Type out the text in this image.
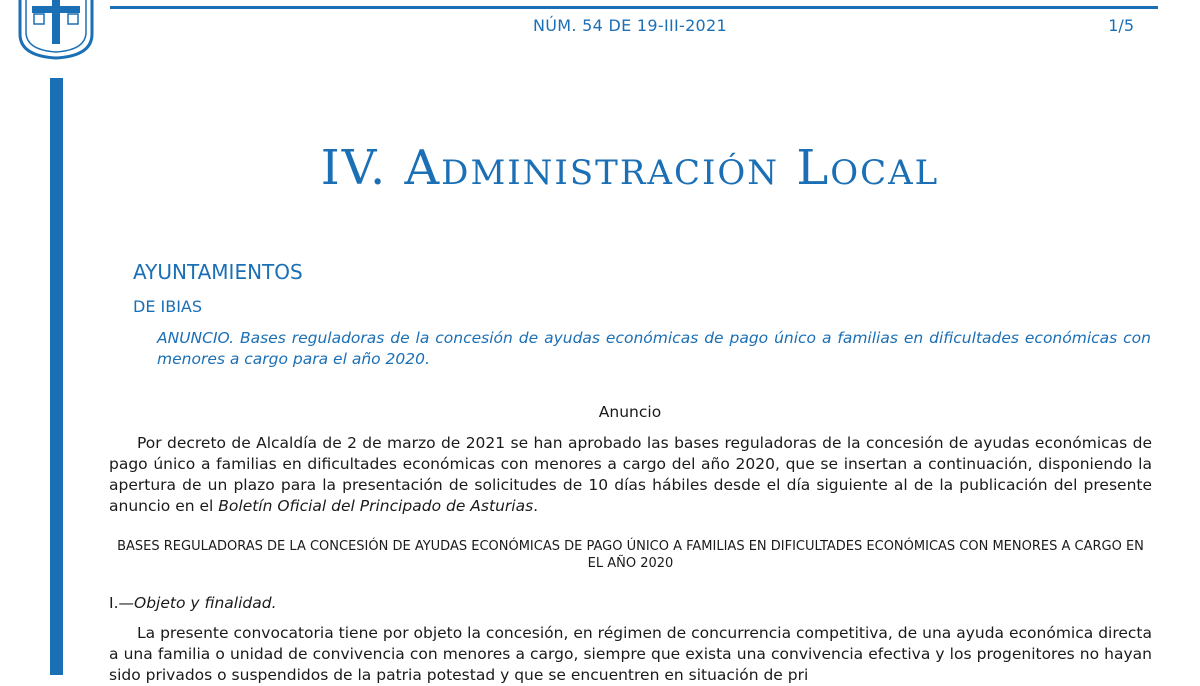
NÚM. 54 DE 19-III-2021	1/5
IV. Administración Local
AYUNTAMIENTOS
DE IBIAS
ANUNCIO. Bases reguladoras de la concesión de ayudas económicas de pago único a familias en dificultades económicas con menores a cargo para el año 2020.
Anuncio
Por decreto de Alcaldía de 2 de marzo de 2021 se han aprobado las bases reguladoras de la concesión de ayudas económicas de pago único a familias en dificultades económicas con menores a cargo del año 2020, que se insertan a continuación, disponiendo la apertura de un plazo para la presentación de solicitudes de 10 días hábiles desde el día siguiente al de la publicación del presente anuncio en el Boletín Oficial del Principado de Asturias.
BASES REGULADORAS DE LA CONCESIÓN DE AYUDAS ECONÓMICAS DE PAGO ÚNICO A FAMILIAS EN DIFICULTADES ECONÓMICAS CON MENORES A CARGO EN EL AÑO 2020
I.—Objeto y finalidad.
La presente convocatoria tiene por objeto la concesión, en régimen de concurrencia competitiva, de una ayuda económica directa a una familia o unidad de convivencia con menores a cargo, siempre que exista una convivencia efectiva y los progenitores no hayan sido privados o suspendidos de la patria potestad y que se encuentren en situación de pri
